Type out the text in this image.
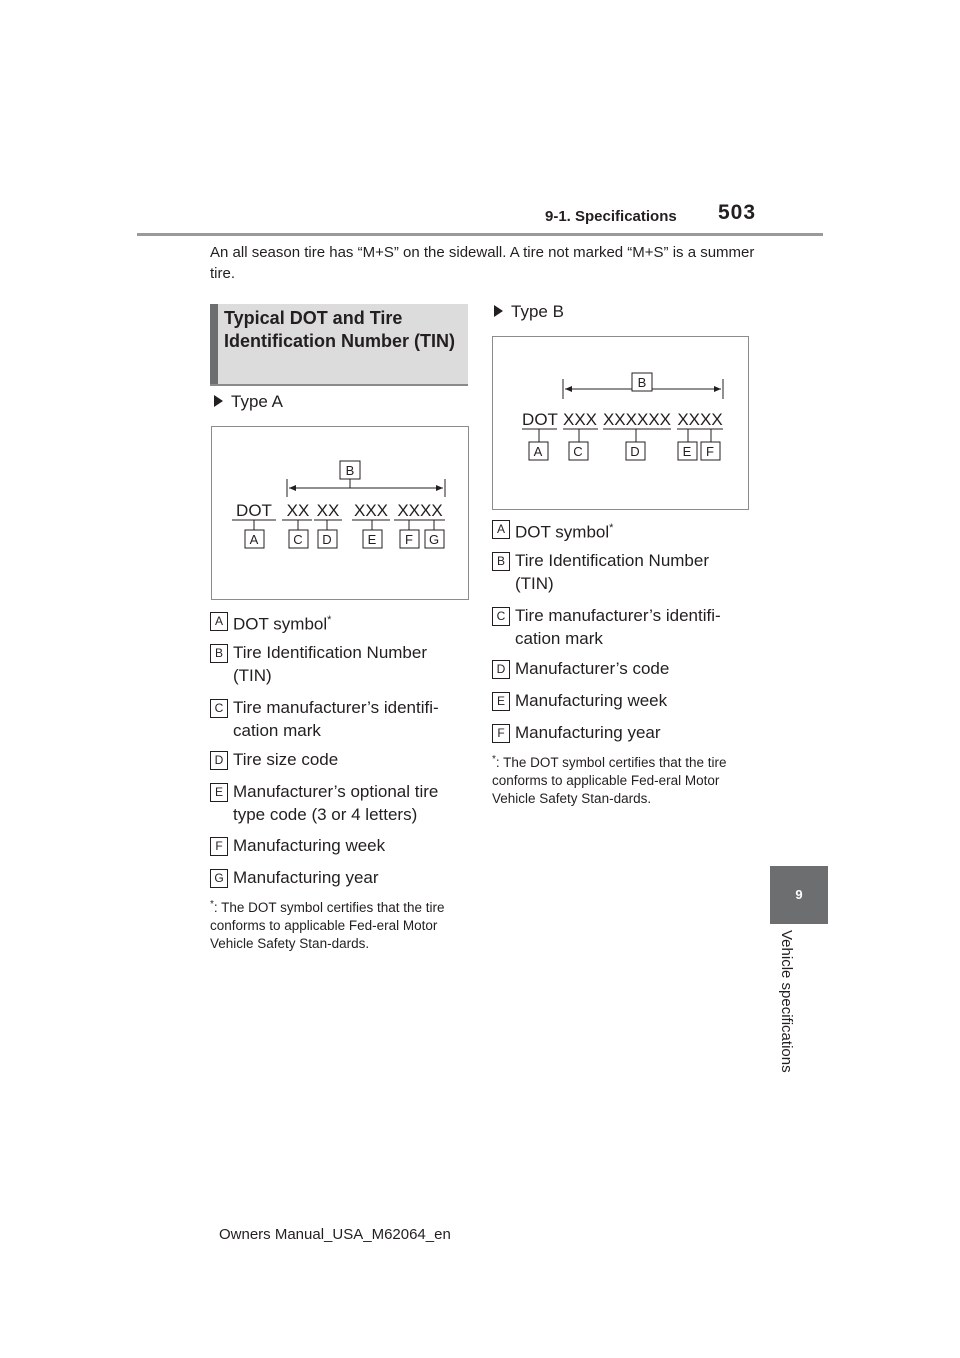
9-1. Specifications 503
An all season tire has “M+S” on the sidewall. A tire not marked “M+S” is a summer tire.
Typical DOT and Tire Identification Number (TIN)
Type A
B
DOT XX XX XXX XXXX
A	C D	E F G
A DOT symbol*
B Tire Identification Number (TIN)
C Tire manufacturer’s identifi-cation mark
D Tire size code
E Manufacturer’s optional tire type code (3 or 4 letters)
F Manufacturing week
G Manufacturing year
*: The DOT symbol certifies that the tire conforms to applicable Fed-eral Motor Vehicle Safety Stan-dards.
Type B
B
DOT XXX XXXXXX XXXX
A C	D	E F
A DOT symbol*
B Tire Identification Number (TIN)
C Tire manufacturer’s identifi-cation mark
D Manufacturer’s code
E Manufacturing week
F Manufacturing year
*: The DOT symbol certifies that the tire conforms to applicable Fed-eral Motor Vehicle Safety Stan-dards.
9
Vehicle specifications
Owners Manual_USA_M62064_en
